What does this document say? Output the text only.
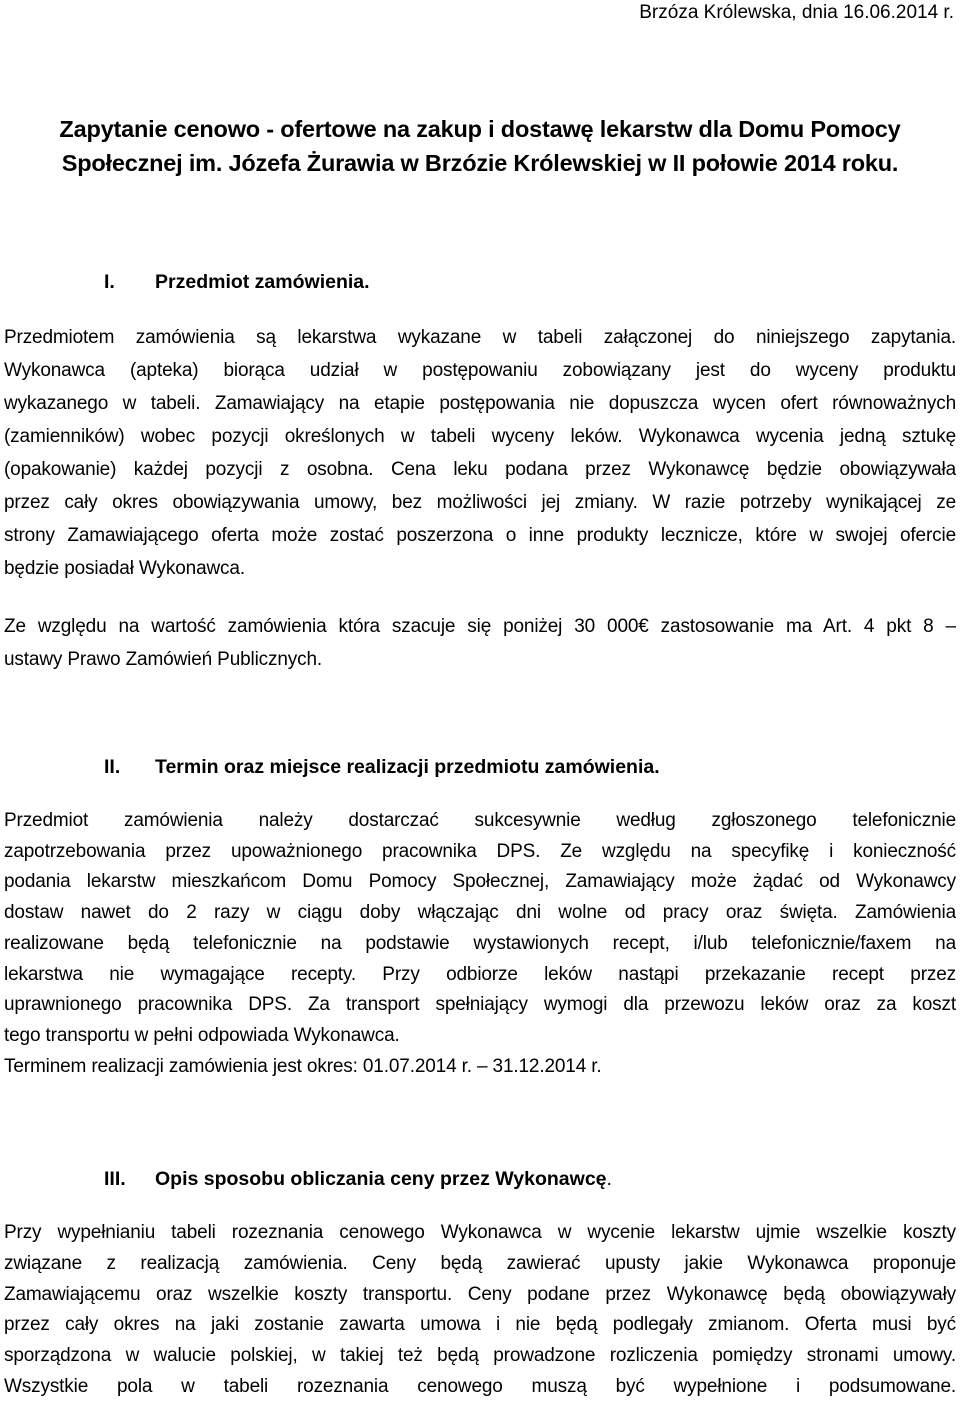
Brzóza Królewska, dnia 16.06.2014 r.
Zapytanie cenowo - ofertowe na zakup i dostawę lekarstw dla Domu Pomocy
Społecznej im. Józefa Żurawia w Brzózie Królewskiej w II połowie 2014 roku.
I. Przedmiot zamówienia.
Przedmiotem zamówienia są lekarstwa wykazane w tabeli załączonej do niniejszego zapytania.
Wykonawca (apteka) biorąca udział w postępowaniu zobowiązany jest do wyceny produktu
wykazanego w tabeli. Zamawiający na etapie postępowania nie dopuszcza wycen ofert równoważnych
(zamienników) wobec pozycji określonych w tabeli wyceny leków. Wykonawca wycenia jedną sztukę
(opakowanie) każdej pozycji z osobna. Cena leku podana przez Wykonawcę będzie obowiązywała
przez cały okres obowiązywania umowy, bez możliwości jej zmiany. W razie potrzeby wynikającej ze
strony Zamawiającego oferta może zostać poszerzona o inne produkty lecznicze, które w swojej ofercie
będzie posiadał Wykonawca.
Ze względu na wartość zamówienia która szacuje się poniżej 30 000€ zastosowanie ma Art. 4 pkt 8 –
ustawy Prawo Zamówień Publicznych.
II. Termin oraz miejsce realizacji przedmiotu zamówienia.
Przedmiot zamówienia należy dostarczać sukcesywnie według zgłoszonego telefonicznie
zapotrzebowania przez upoważnionego pracownika DPS. Ze względu na specyfikę i konieczność
podania lekarstw mieszkańcom Domu Pomocy Społecznej, Zamawiający może żądać od Wykonawcy
dostaw nawet do 2 razy w ciągu doby włączając dni wolne od pracy oraz święta. Zamówienia
realizowane będą telefonicznie na podstawie wystawionych recept, i/lub telefonicznie/faxem na
lekarstwa nie wymagające recepty. Przy odbiorze leków nastąpi przekazanie recept przez
uprawnionego pracownika DPS. Za transport spełniający wymogi dla przewozu leków oraz za koszt
tego transportu w pełni odpowiada Wykonawca.
Terminem realizacji zamówienia jest okres: 01.07.2014 r. – 31.12.2014 r.
III. Opis sposobu obliczania ceny przez Wykonawcę.
Przy wypełnianiu tabeli rozeznania cenowego Wykonawca w wycenie lekarstw ujmie wszelkie koszty
związane z realizacją zamówienia. Ceny będą zawierać upusty jakie Wykonawca proponuje
Zamawiającemu oraz wszelkie koszty transportu. Ceny podane przez Wykonawcę będą obowiązywały
przez cały okres na jaki zostanie zawarta umowa i nie będą podlegały zmianom. Oferta musi być
sporządzona w walucie polskiej, w takiej też będą prowadzone rozliczenia pomiędzy stronami umowy.
Wszystkie pola w tabeli rozeznania cenowego muszą być wypełnione i podsumowane.
